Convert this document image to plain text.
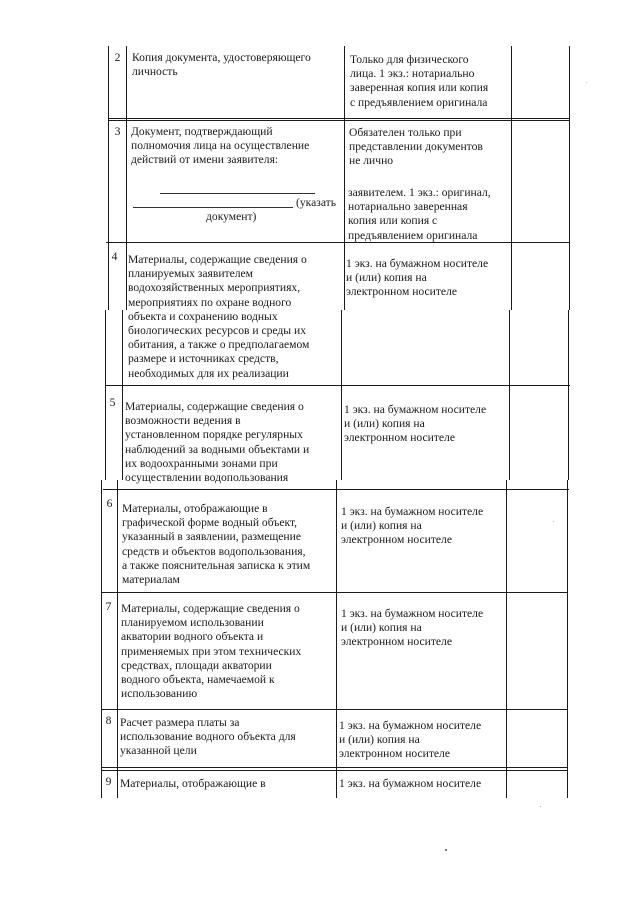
2	Копия документа, удостоверяющего
личность
Только для физического
лица. 1 экз.: нотариально
заверенная копия или копия
с предъявлением оригинала
3 Документ, подтверждающий
полномочия лица на осуществление
действий от имени заявителя:
(указать
документ)
Обязателен только при
представлении документов
не лично
заявителем. 1 экз.: оригинал,
нотариально заверенная
копия или копия с
предъявлением оригинала
4 Материалы, содержащие сведения о
планируемых заявителем
водохозяйственных мероприятиях,
мероприятиях по охране водного
объекта и сохранению водных
биологических ресурсов и среды их
обитания, а также о предполагаемом
размере и источниках средств,
необходимых для их реализации
1 экз. на бумажном носителе
и (или) копия на
электронном носителе
5 Материалы, содержащие сведения о
возможности ведения в
установленном порядке регулярных
наблюдений за водными объектами и
их водоохранными зонами при
осуществлении водопользования
1 экз. на бумажном носителе
и (или) копия на
электронном носителе
6 Материалы, отображающие в
графической форме водный объект,
указанный в заявлении, размещение
средств и объектов водопользования,
а также пояснительная записка к этим
материалам
1 экз. на бумажном носителе
и (или) копия на
электронном носителе
7 Материалы, содержащие сведения о
планируемом использовании
акватории водного объекта и
применяемых при этом технических
средствах, площади акватории
водного объекта, намечаемой к
использованию
1 экз. на бумажном носителе
и (или) копия на
электронном носителе
8 Расчет размера платы за
использование водного объекта для
указанной цели
1 экз. на бумажном носителе
и (или) копия на
электронном носителе
9 Материалы, отображающие в	1 экз. на бумажном носителе
